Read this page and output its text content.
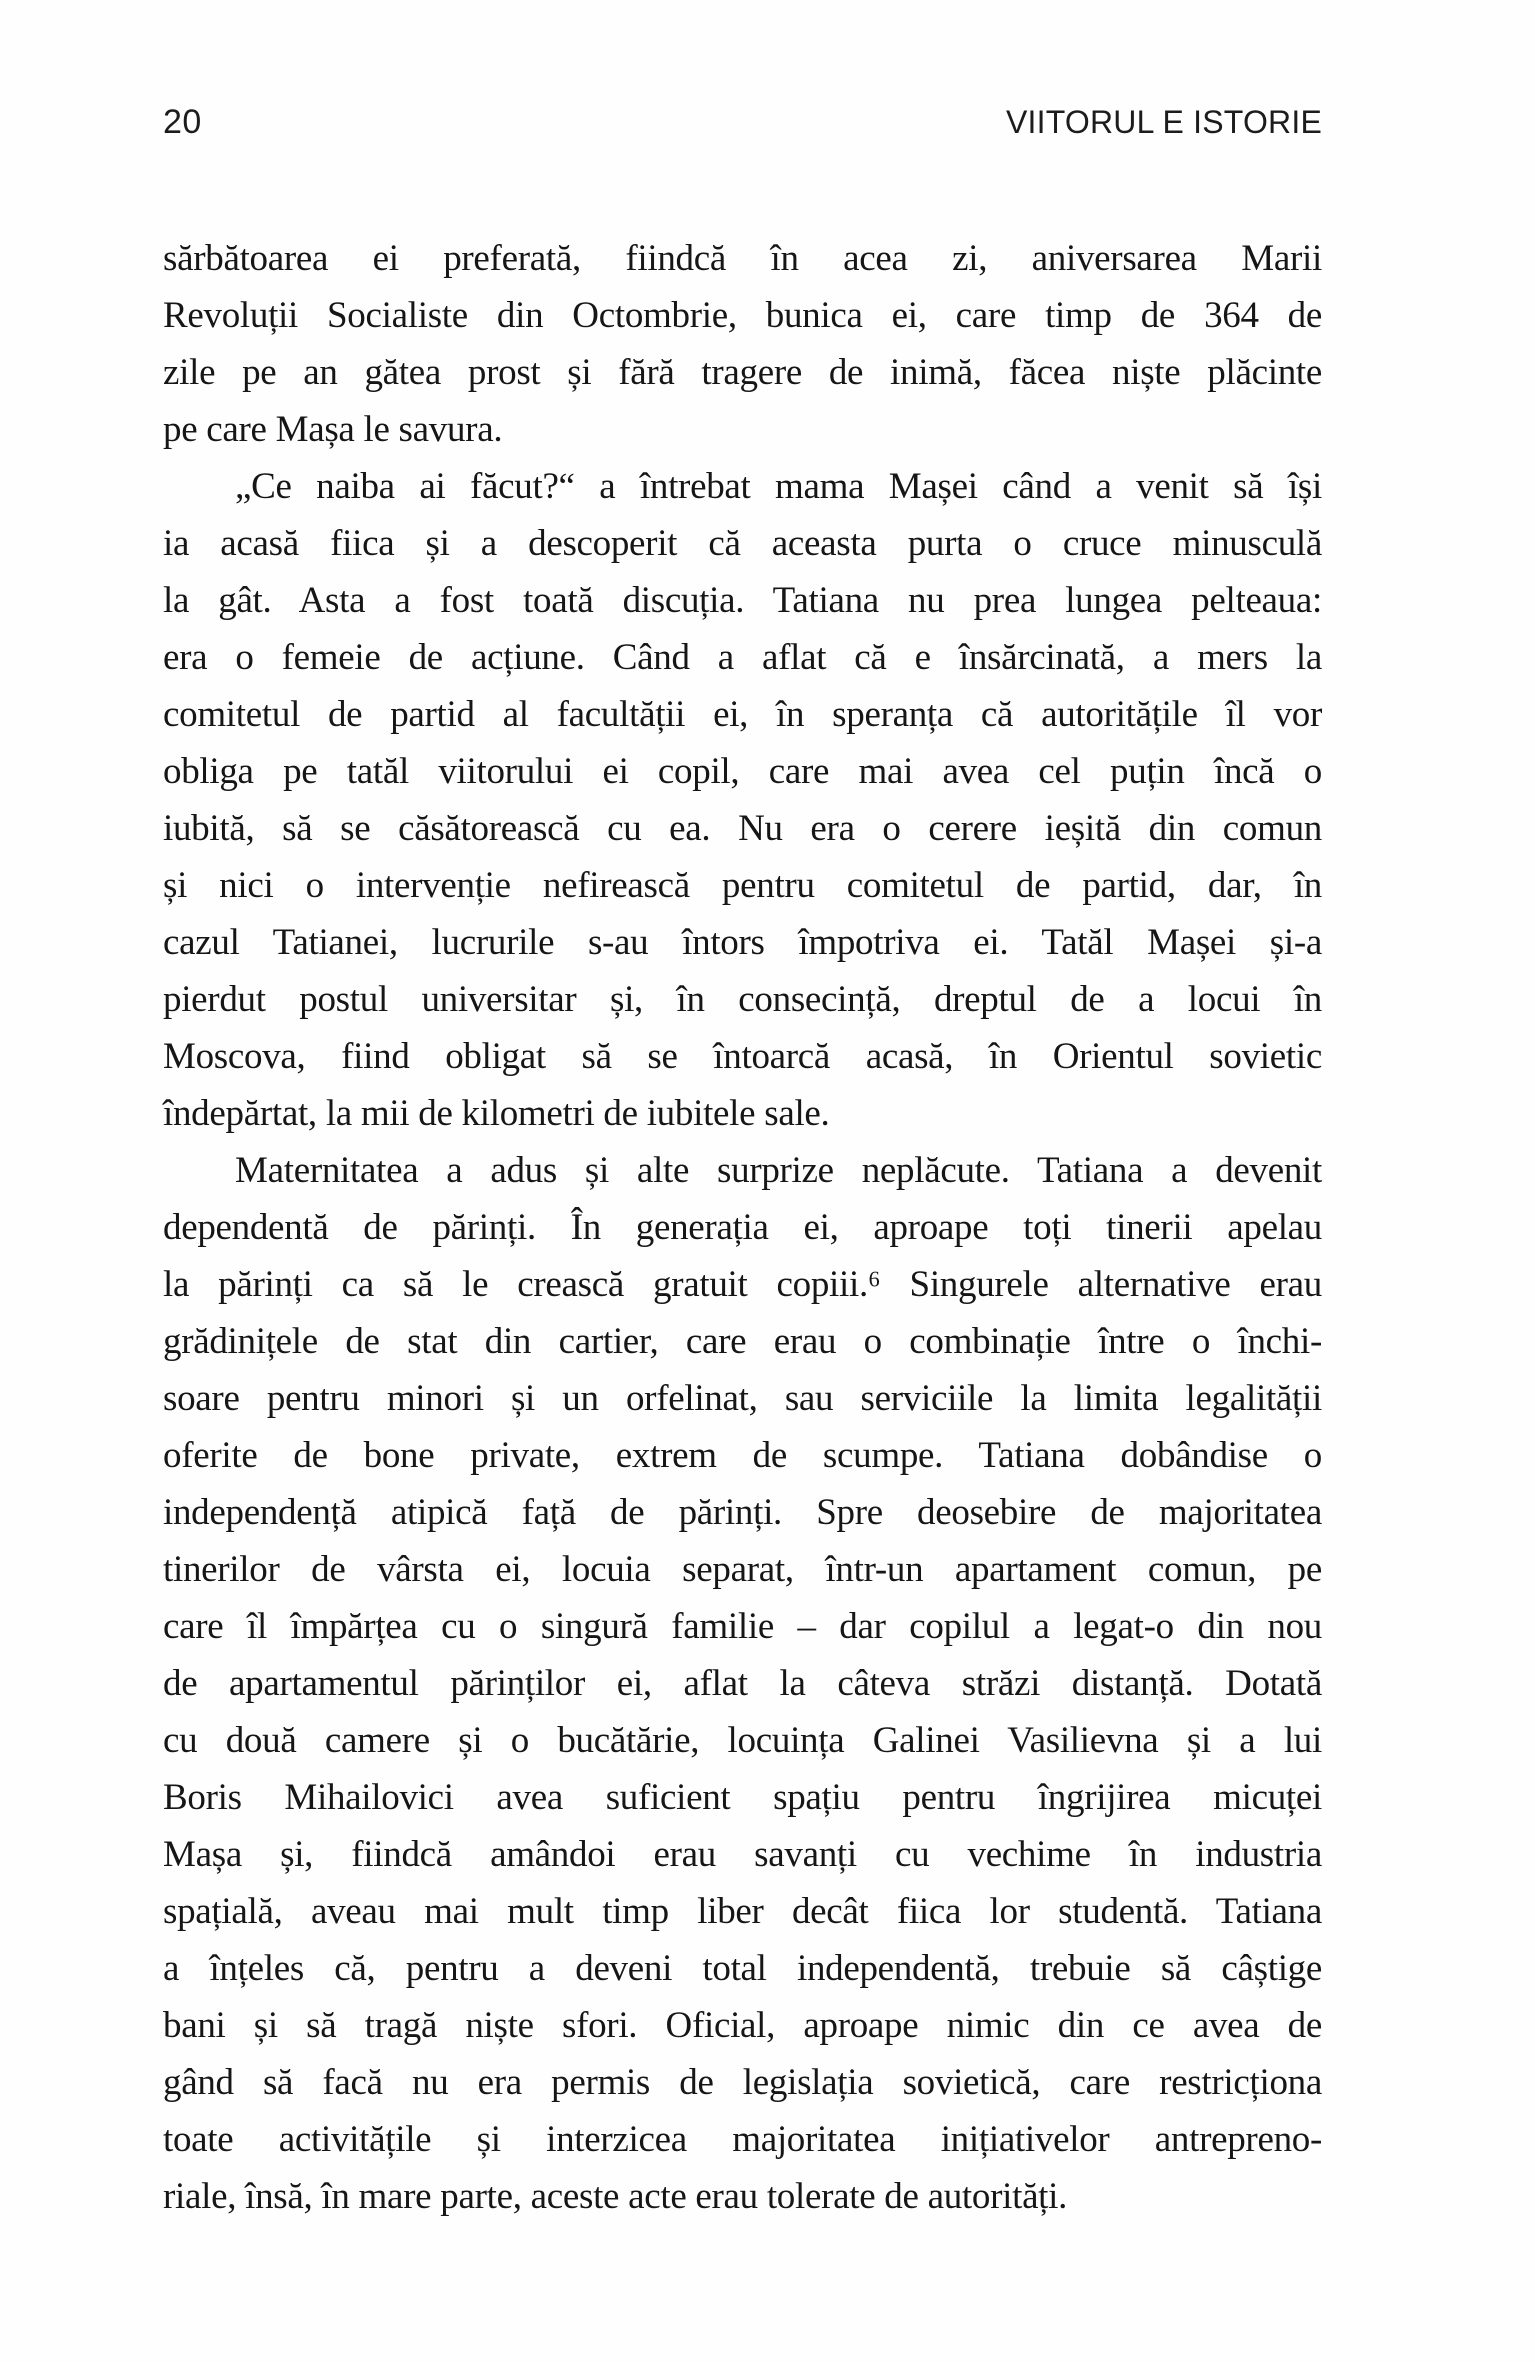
20	VIITORUL E ISTORIE
sărbătoarea ei preferată, fiindcă în acea zi, aniversarea Marii
Revoluții Socialiste din Octombrie, bunica ei, care timp de 364 de
zile pe an gătea prost și fără tragere de inimă, făcea niște plăcinte
pe care Mașa le savura.
„Ce naiba ai făcut?“ a întrebat mama Mașei când a venit să își
ia acasă fiica și a descoperit că aceasta purta o cruce minusculă
la gât. Asta a fost toată discuția. Tatiana nu prea lungea pelteaua:
era o femeie de acțiune. Când a aflat că e însărcinată, a mers la
comitetul de partid al facultății ei, în speranța că autoritățile îl vor
obliga pe tatăl viitorului ei copil, care mai avea cel puțin încă o
iubită, să se căsătorească cu ea. Nu era o cerere ieșită din comun
și nici o intervenție nefirească pentru comitetul de partid, dar, în
cazul Tatianei, lucrurile s-au întors împotriva ei. Tatăl Mașei și-a
pierdut postul universitar și, în consecință, dreptul de a locui în
Moscova, fiind obligat să se întoarcă acasă, în Orientul sovietic
îndepărtat, la mii de kilometri de iubitele sale.
Maternitatea a adus și alte surprize neplăcute. Tatiana a devenit
dependentă de părinți. În generația ei, aproape toți tinerii apelau
la părinți ca să le crească gratuit copiii.⁶ Singurele alternative erau
grădinițele de stat din cartier, care erau o combinație între o închi-
soare pentru minori și un orfelinat, sau serviciile la limita legalității
oferite de bone private, extrem de scumpe. Tatiana dobândise o
independență atipică față de părinți. Spre deosebire de majoritatea
tinerilor de vârsta ei, locuia separat, într-un apartament comun, pe
care îl împărțea cu o singură familie – dar copilul a legat-o din nou
de apartamentul părinților ei, aflat la câteva străzi distanță. Dotată
cu două camere și o bucătărie, locuința Galinei Vasilievna și a lui
Boris Mihailovici avea suficient spațiu pentru îngrijirea micuței
Mașa și, fiindcă amândoi erau savanți cu vechime în industria
spațială, aveau mai mult timp liber decât fiica lor studentă. Tatiana
a înțeles că, pentru a deveni total independentă, trebuie să câștige
bani și să tragă niște sfori. Oficial, aproape nimic din ce avea de
gând să facă nu era permis de legislația sovietică, care restricționa
toate activitățile și interzicea majoritatea inițiativelor antrepreno-
riale, însă, în mare parte, aceste acte erau tolerate de autorități.
